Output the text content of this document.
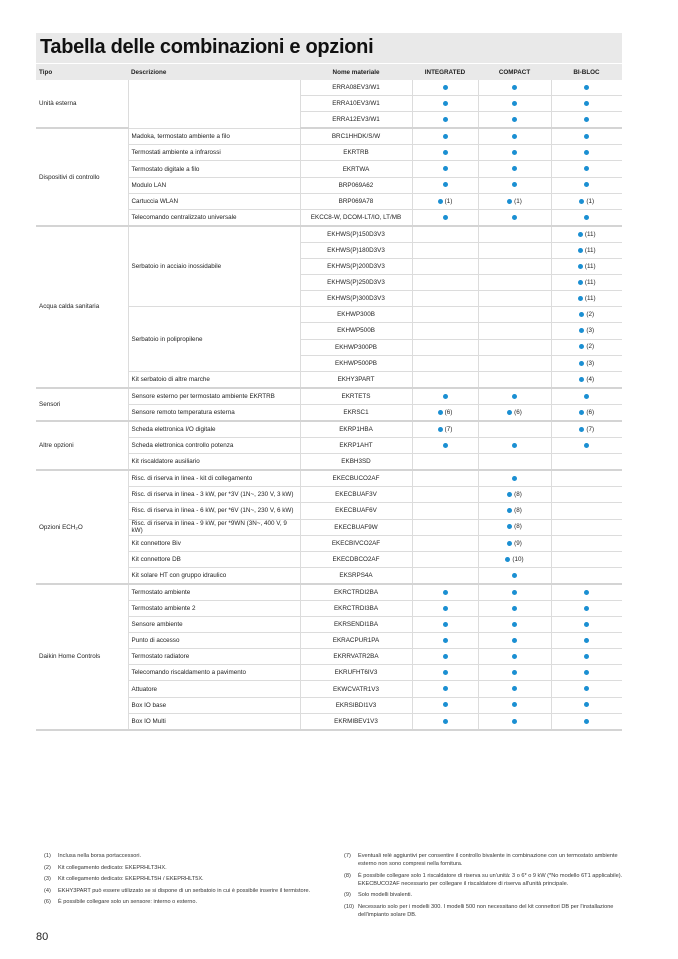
Tabella delle combinazioni e opzioni
Tipo	Descrizione	Nome materiale	INTEGRATED	COMPACT	BI-BLOC
Unità esterna		ERRA08EV3/W1			
		ERRA10EV3/W1			
		ERRA12EV3/W1			
Dispositivi di controllo	Madoka, termostato ambiente a filo	BRC1HHDK/S/W			
	Termostati ambiente a infrarossi	EKRTRB			
	Termostato digitale a filo	EKRTWA			
	Modulo LAN	BRP069A62			
	Cartuccia WLAN	BRP069A78	(1)	(1)	(1)
	Telecomando centralizzato universale	EKCC8-W, DCOM-LT/IO, LT/MB			
Acqua calda sanitaria	Serbatoio in acciaio inossidabile	EKHWS(P)150D3V3			(11)
		EKHWS(P)180D3V3			(11)
		EKHWS(P)200D3V3			(11)
		EKHWS(P)250D3V3			(11)
		EKHWS(P)300D3V3			(11)
	Serbatoio in polipropilene	EKHWP300B			(2)
		EKHWP500B			(3)
		EKHWP300PB			(2)
		EKHWP500PB			(3)
	Kit serbatoio di altre marche	EKHY3PART			(4)
Sensori	Sensore esterno per termostato ambiente EKRTRB	EKRTETS			
	Sensore remoto temperatura esterna	EKRSC1	(6)	(6)	(6)
Altre opzioni	Scheda elettronica I/O digitale	EKRP1HBA	(7)		(7)
	Scheda elettronica controllo potenza	EKRP1AHT			
	Kit riscaldatore ausiliario	EKBH3SD			
Opzioni ECH₂O	Risc. di riserva in linea - kit di collegamento	EKECBUCO2AF			
	Risc. di riserva in linea - 3 kW, per *3V (1N~, 230 V, 3 kW)	EKECBUAF3V		(8)	
	Risc. di riserva in linea - 6 kW, per *6V (1N~, 230 V, 6 kW)	EKECBUAF6V		(8)	
	Risc. di riserva in linea - 9 kW, per *9WN (3N~, 400 V, 9 kW)	EKECBUAF9W		(8)	
	Kit connettore Biv	EKECBIVCO2AF		(9)	
	Kit connettore DB	EKECDBCO2AF		(10)	
	Kit solare HT con gruppo idraulico	EKSRPS4A			
Daikin Home Controls	Termostato ambiente	EKRCTRDI2BA			
	Termostato ambiente 2	EKRCTRDI3BA			
	Sensore ambiente	EKRSENDI1BA			
	Punto di accesso	EKRACPUR1PA			
	Termostato radiatore	EKRRVATR2BA			
	Telecomando riscaldamento a pavimento	EKRUFHT6IV3			
	Attuatore	EKWCVATR1V3			
	Box IO base	EKRSIBDI1V3			
	Box IO Multi	EKRMIBEV1V3			
(1)	Inclusa nella borsa portaccessori.
(2)	Kit collegamento dedicato: EKEPRHLT3HX.
(3)	Kit collegamento dedicato: EKEPRHLT5H / EKEPRHLT5X.
(4)	EKHY3PART può essere utilizzato se si dispone di un serbatoio in cui è possibile inserire il termistore.
(6)	È possibile collegare solo un sensore: interno o esterno.
(7)	Eventuali relè aggiuntivi per consentire il controllo bivalente in combinazione con un termostato ambiente esterno non sono compresi nella fornitura.
(8)	È possibile collegare solo 1 riscaldatore di riserva su un'unità: 3 o 6* o 9 kW (*No modello 6T1 applicabile). EKECBUCO2AF necessario per collegare il riscaldatore di riserva all'unità principale.
(9)	Solo modelli bivalenti.
(10) Necessario solo per i modelli 300. I modelli 500 non necessitano del kit connettori DB per l'installazione dell'impianto solare DB.
80
